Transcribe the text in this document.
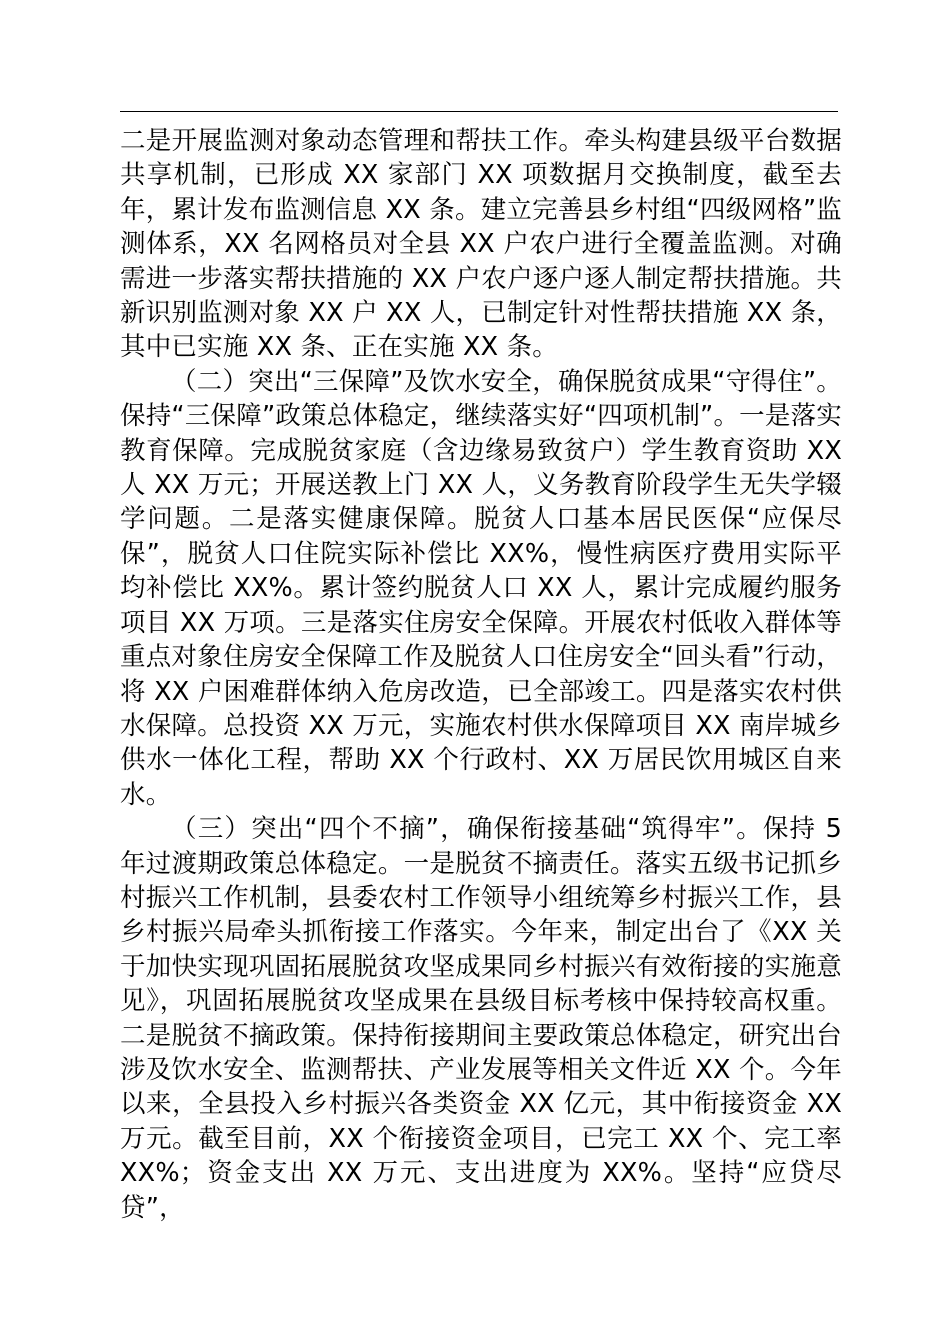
二是开展监测对象动态管理和帮扶工作。牵头构建县级平台数据共享机制，已形成 XX 家部门 XX 项数据月交换制度，截至去年，累计发布监测信息 XX 条。建立完善县乡村组“四级网格”监测体系，XX 名网格员对全县 XX 户农户进行全覆盖监测。对确需进一步落实帮扶措施的 XX 户农户逐户逐人制定帮扶措施。共新识别监测对象 XX 户 XX 人，已制定针对性帮扶措施 XX 条，其中已实施 XX 条、正在实施 XX 条。

（二）突出“三保障”及饮水安全，确保脱贫成果“守得住”。保持“三保障”政策总体稳定，继续落实好“四项机制”。一是落实教育保障。完成脱贫家庭（含边缘易致贫户）学生教育资助 XX 人 XX 万元；开展送教上门 XX 人，义务教育阶段学生无失学辍学问题。二是落实健康保障。脱贫人口基本居民医保“应保尽保”，脱贫人口住院实际补偿比 XX%，慢性病医疗费用实际平均补偿比 XX%。累计签约脱贫人口 XX 人，累计完成履约服务项目 XX 万项。三是落实住房安全保障。开展农村低收入群体等重点对象住房安全保障工作及脱贫人口住房安全“回头看”行动，将 XX 户困难群体纳入危房改造，已全部竣工。四是落实农村供水保障。总投资 XX 万元，实施农村供水保障项目 XX 南岸城乡供水一体化工程，帮助 XX 个行政村、XX 万居民饮用城区自来水。

（三）突出“四个不摘”，确保衔接基础“筑得牢”。保持 5 年过渡期政策总体稳定。一是脱贫不摘责任。落实五级书记抓乡村振兴工作机制，县委农村工作领导小组统筹乡村振兴工作，县乡村振兴局牵头抓衔接工作落实。今年来，制定出台了《XX 关于加快实现巩固拓展脱贫攻坚成果同乡村振兴有效衔接的实施意见》，巩固拓展脱贫攻坚成果在县级目标考核中保持较高权重。二是脱贫不摘政策。保持衔接期间主要政策总体稳定，研究出台涉及饮水安全、监测帮扶、产业发展等相关文件近 XX 个。今年以来，全县投入乡村振兴各类资金 XX 亿元，其中衔接资金 XX 万元。截至目前，XX 个衔接资金项目，已完工 XX 个、完工率 XX%；资金支出 XX 万元、支出进度为 XX%。坚持“应贷尽贷”，
